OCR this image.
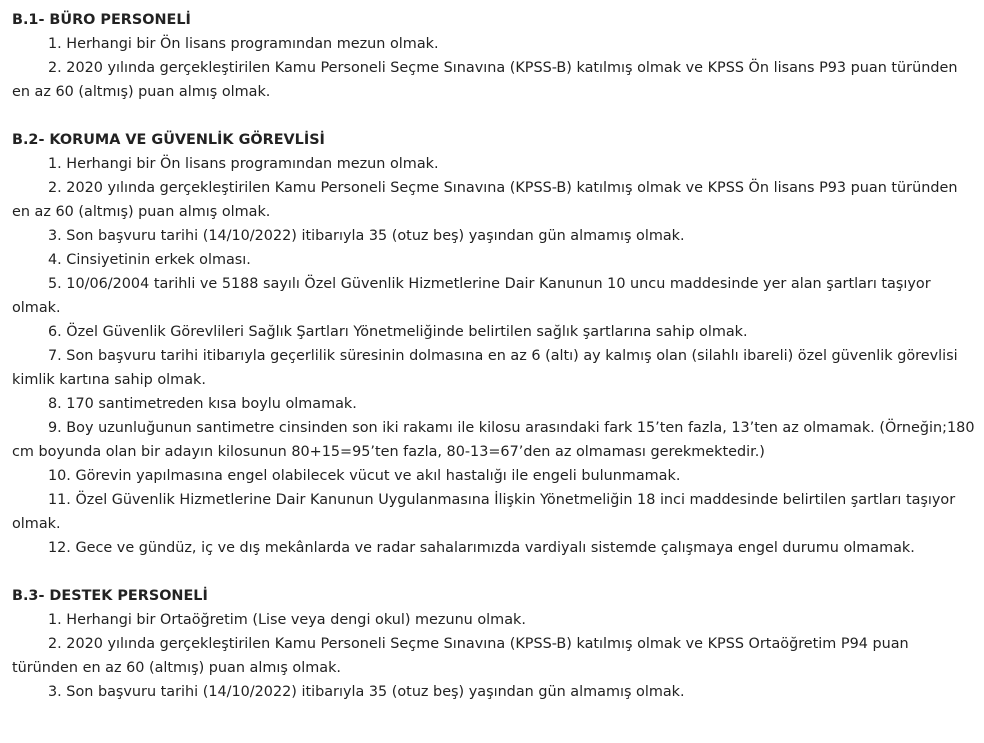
B.1- BÜRO PERSONELİ

1. Herhangi bir Ön lisans programından mezun olmak.

2. 2020 yılında gerçekleştirilen Kamu Personeli Seçme Sınavına (KPSS-B) katılmış olmak ve KPSS Ön lisans P93 puan türünden en az 60 (altmış) puan almış olmak.

B.2- KORUMA VE GÜVENLİK GÖREVLİSİ

1. Herhangi bir Ön lisans programından mezun olmak.

2. 2020 yılında gerçekleştirilen Kamu Personeli Seçme Sınavına (KPSS-B) katılmış olmak ve KPSS Ön lisans P93 puan türünden en az 60 (altmış) puan almış olmak.

3. Son başvuru tarihi (14/10/2022) itibarıyla 35 (otuz beş) yaşından gün almamış olmak.

4. Cinsiyetinin erkek olması.

5. 10/06/2004 tarihli ve 5188 sayılı Özel Güvenlik Hizmetlerine Dair Kanunun 10 uncu maddesinde yer alan şartları taşıyor olmak.

6. Özel Güvenlik Görevlileri Sağlık Şartları Yönetmeliğinde belirtilen sağlık şartlarına sahip olmak.

7. Son başvuru tarihi itibarıyla geçerlilik süresinin dolmasına en az 6 (altı) ay kalmış olan (silahlı ibareli) özel güvenlik görevlisi kimlik kartına sahip olmak.

8. 170 santimetreden kısa boylu olmamak.

9. Boy uzunluğunun santimetre cinsinden son iki rakamı ile kilosu arasındaki fark 15’ten fazla, 13’ten az olmamak. (Örneğin;180 cm boyunda olan bir adayın kilosunun 80+15=95’ten fazla, 80-13=67’den az olmaması gerekmektedir.)

10. Görevin yapılmasına engel olabilecek vücut ve akıl hastalığı ile engeli bulunmamak.

11. Özel Güvenlik Hizmetlerine Dair Kanunun Uygulanmasına İlişkin Yönetmeliğin 18 inci maddesinde belirtilen şartları taşıyor olmak.

12. Gece ve gündüz, iç ve dış mekânlarda ve radar sahalarımızda vardiyalı sistemde çalışmaya engel durumu olmamak.

B.3- DESTEK PERSONELİ

1. Herhangi bir Ortaöğretim (Lise veya dengi okul) mezunu olmak.

2. 2020 yılında gerçekleştirilen Kamu Personeli Seçme Sınavına (KPSS-B) katılmış olmak ve KPSS Ortaöğretim P94 puan türünden en az 60 (altmış) puan almış olmak.

3. Son başvuru tarihi (14/10/2022) itibarıyla 35 (otuz beş) yaşından gün almamış olmak.
